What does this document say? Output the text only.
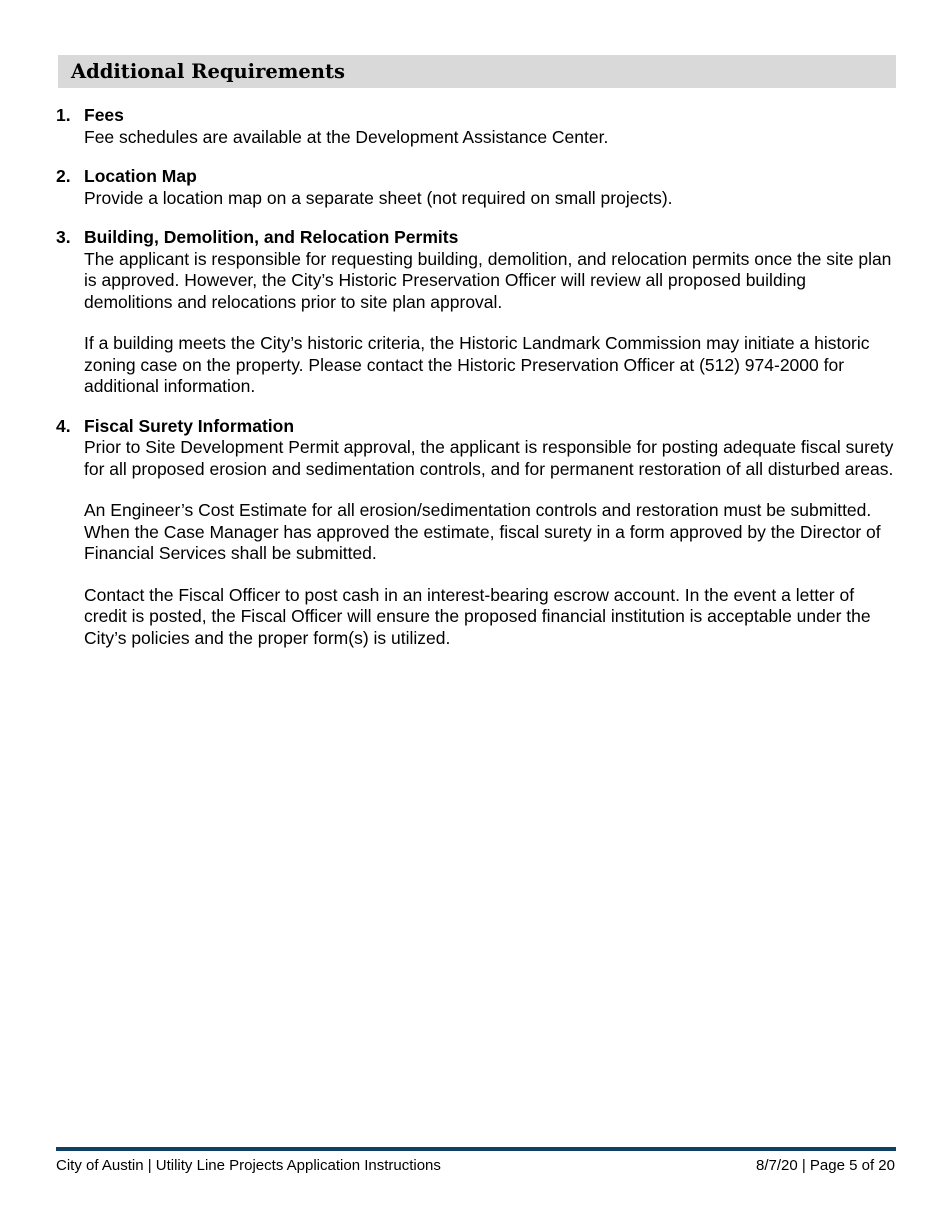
Additional Requirements
1. Fees

Fee schedules are available at the Development Assistance Center.

2. Location Map

Provide a location map on a separate sheet (not required on small projects).

3. Building, Demolition, and Relocation Permits

The applicant is responsible for requesting building, demolition, and relocation permits once the site plan is approved. However, the City’s Historic Preservation Officer will review all proposed building demolitions and relocations prior to site plan approval.

If a building meets the City’s historic criteria, the Historic Landmark Commission may initiate a historic zoning case on the property. Please contact the Historic Preservation Officer at (512) 974-2000 for additional information.

4. Fiscal Surety Information

Prior to Site Development Permit approval, the applicant is responsible for posting adequate fiscal surety for all proposed erosion and sedimentation controls, and for permanent restoration of all disturbed areas.

An Engineer’s Cost Estimate for all erosion/sedimentation controls and restoration must be submitted. When the Case Manager has approved the estimate, fiscal surety in a form approved by the Director of Financial Services shall be submitted.

Contact the Fiscal Officer to post cash in an interest-bearing escrow account. In the event a letter of credit is posted, the Fiscal Officer will ensure the proposed financial institution is acceptable under the City’s policies and the proper form(s) is utilized.

City of Austin | Utility Line Projects Application Instructions	8/7/20 | Page 5 of 20
